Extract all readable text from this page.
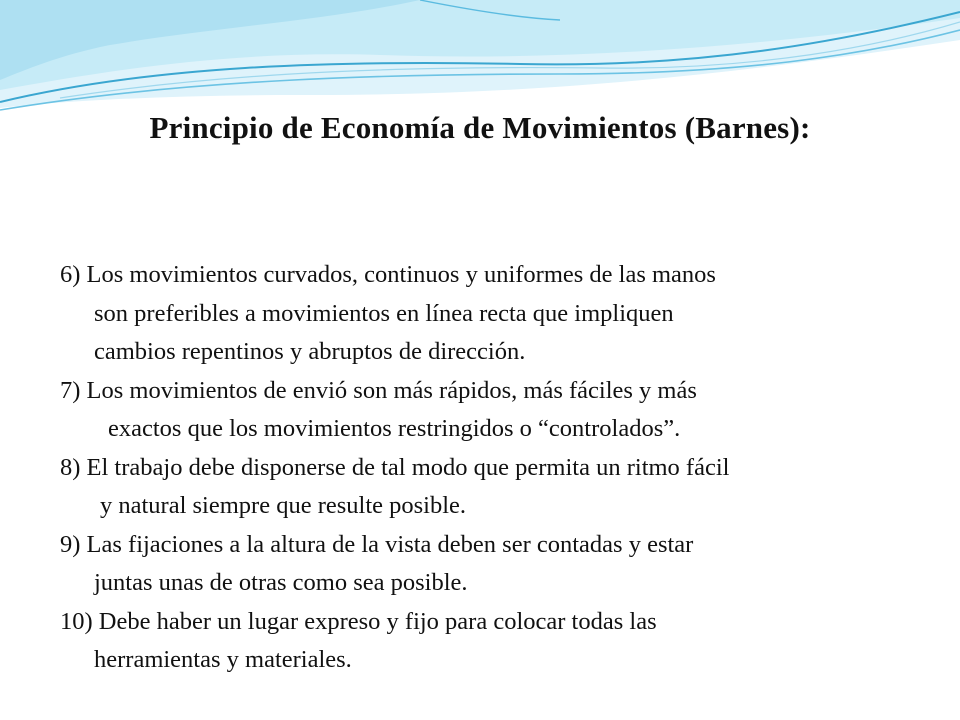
Principio de Economía de Movimientos (Barnes):

6) Los movimientos curvados, continuos y uniformes de las manos
son preferibles a movimientos en línea recta que impliquen
cambios repentinos y abruptos de dirección.

7) Los movimientos de envió son más rápidos, más fáciles y más
exactos que los movimientos restringidos o “controlados”.

8) El trabajo debe disponerse de tal modo que permita un ritmo fácil
y natural siempre que resulte posible.

9) Las fijaciones a la altura de la vista deben ser contadas y estar
juntas unas de otras como sea posible.

10) Debe haber un lugar expreso y fijo para colocar todas las
herramientas y materiales.
